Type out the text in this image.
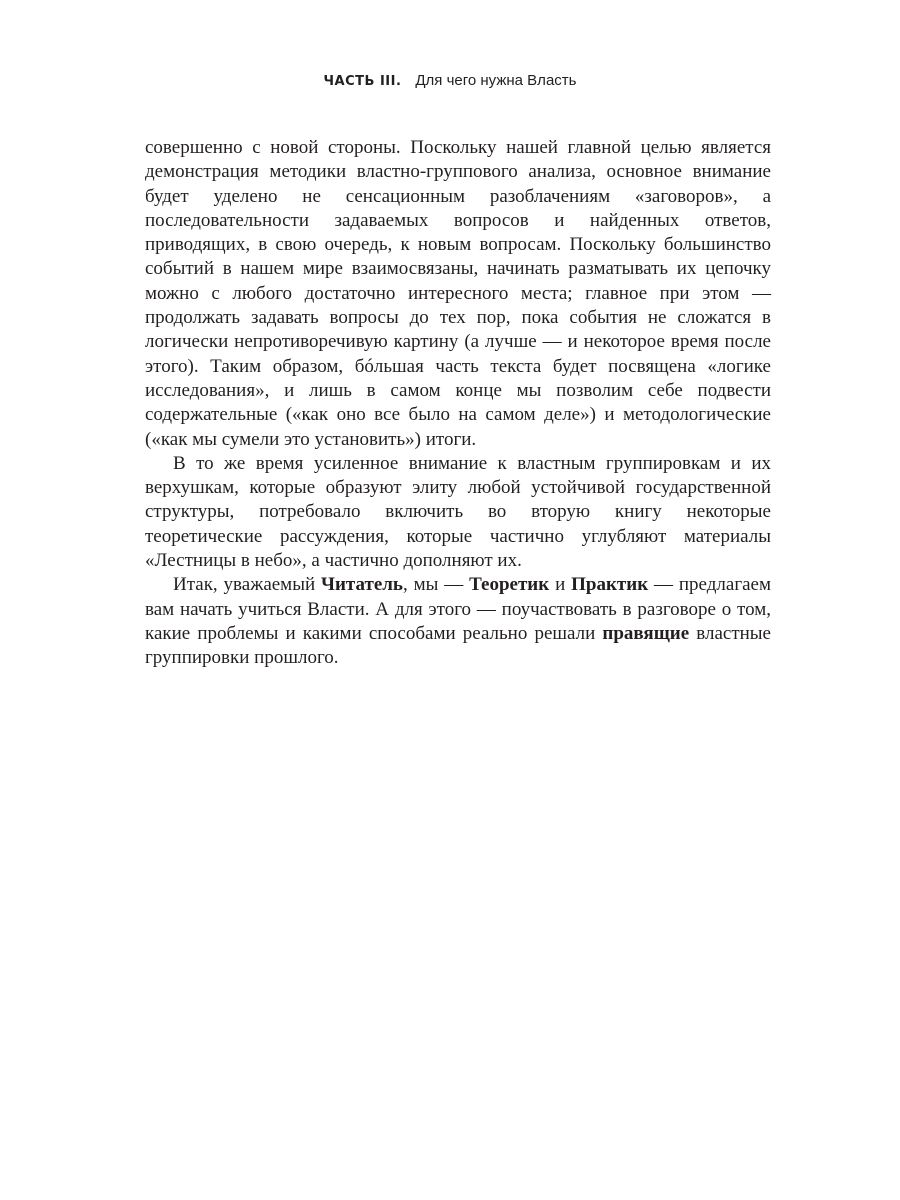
ЧАСТЬ III. Для чего нужна Власть

совершенно с новой стороны. Поскольку нашей главной целью является демонстрация методики властно-группового анализа, основное внимание будет уделено не сенсационным разоблачениям «заговоров», а последовательности задаваемых вопросов и найденных ответов, приводящих, в свою очередь, к новым вопросам. Поскольку большинство событий в нашем мире взаимосвязаны, начинать разматывать их цепочку можно с любого достаточно интересного места; главное при этом — продолжать задавать вопросы до тех пор, пока события не сложатся в логически непротиворечивую картину (а лучше — и некоторое время после этого). Таким образом, бóльшая часть текста будет посвящена «логике исследования», и лишь в самом конце мы позволим себе подвести содержательные («как оно все было на самом деле») и методологические («как мы сумели это установить») итоги.

В то же время усиленное внимание к властным группировкам и их верхушкам, которые образуют элиту любой устойчивой государственной структуры, потребовало включить во вторую книгу некоторые теоретические рассуждения, которые частично углубляют материалы «Лестницы в небо», а частично дополняют их.

Итак, уважаемый Читатель, мы — Теоретик и Практик — предлагаем вам начать учиться Власти. А для этого — поучаствовать в разговоре о том, какие проблемы и какими способами реально решали правящие властные группировки прошлого.
